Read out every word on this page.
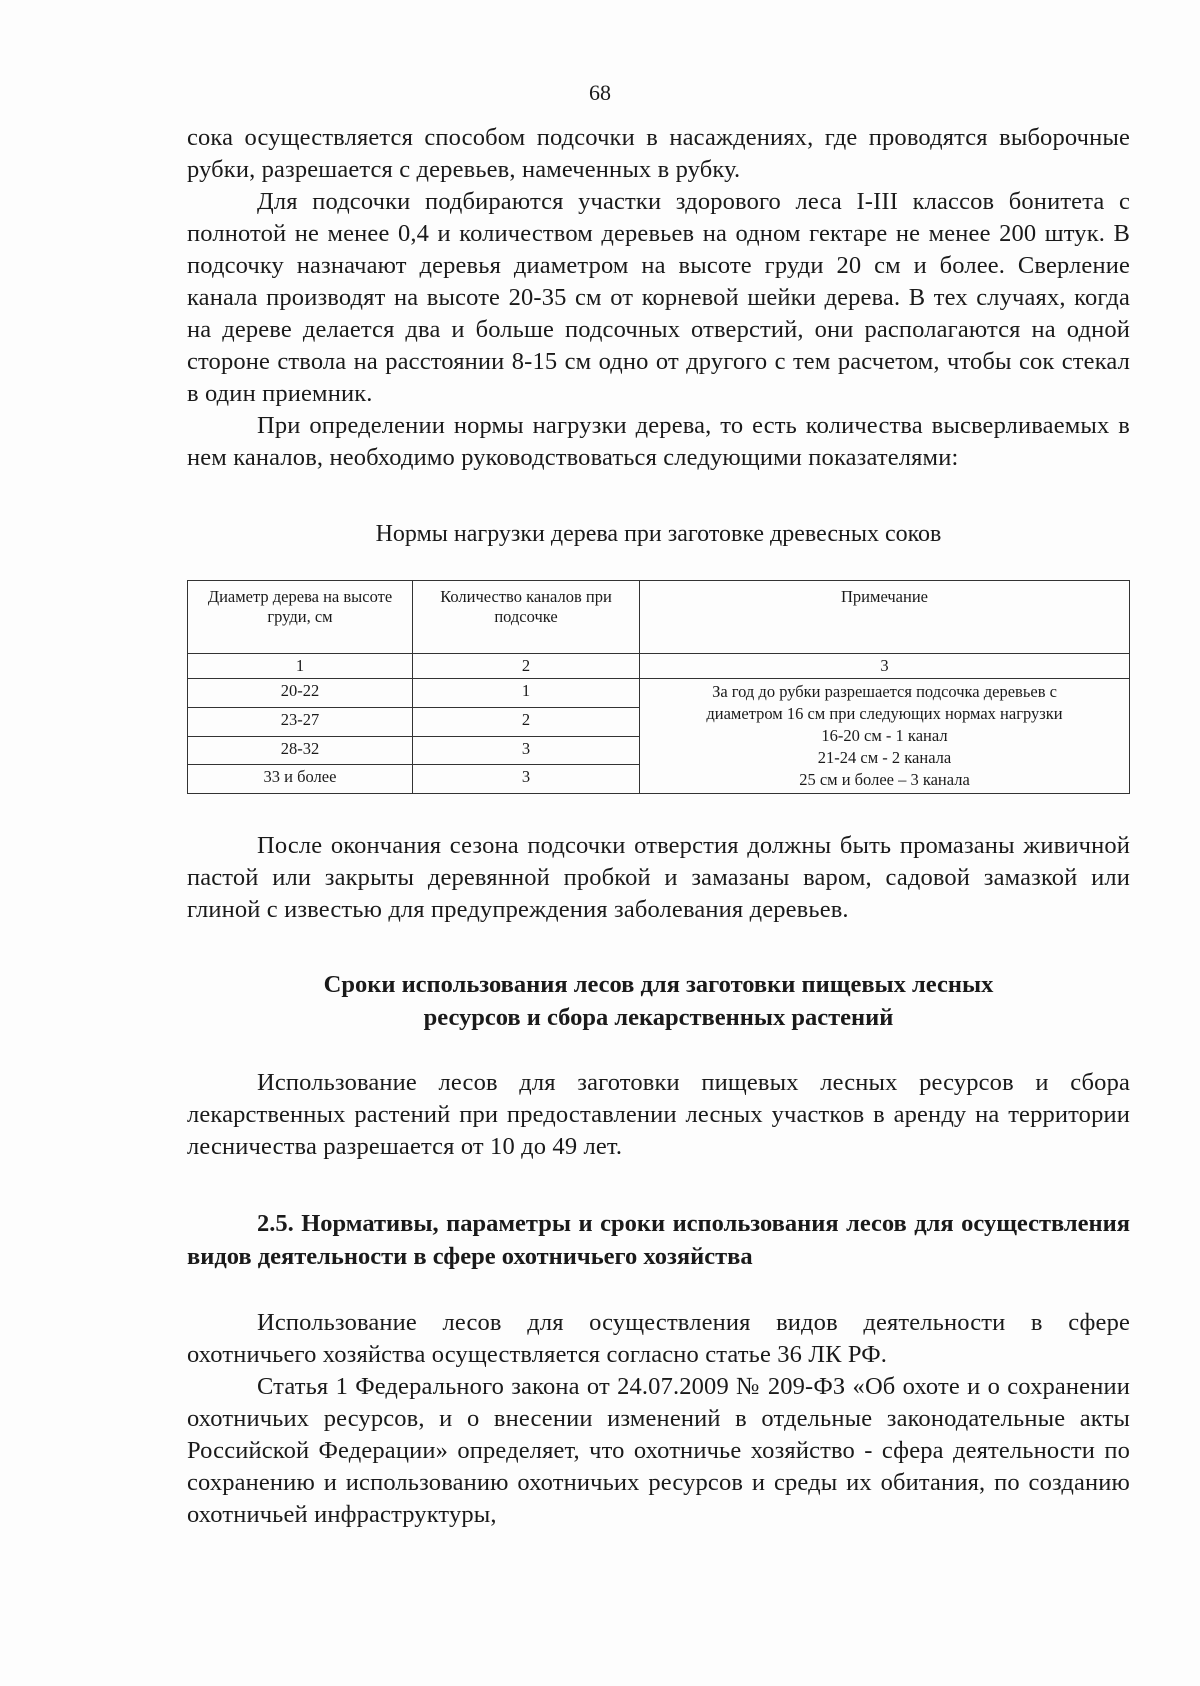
68

сока осуществляется способом подсочки в насаждениях, где проводятся выборочные рубки, разрешается с деревьев, намеченных в рубку.

Для подсочки подбираются участки здорового леса I-III классов бонитета с полнотой не менее 0,4 и количеством деревьев на одном гектаре не менее 200 штук. В подсочку назначают деревья диаметром на высоте груди 20 см и более. Сверление канала производят на высоте 20-35 см от корневой шейки дерева. В тех случаях, когда на дереве делается два и больше подсочных отверстий, они располагаются на одной стороне ствола на расстоянии 8-15 см одно от другого с тем расчетом, чтобы сок стекал в один приемник.

При определении нормы нагрузки дерева, то есть количества высверливаемых в нем каналов, необходимо руководствоваться следующими показателями:

Нормы нагрузки дерева при заготовке древесных соков
Диаметр дерева на высоте груди, см	Количество каналов при подсочке	Примечание
1	2	3
20-22	1	За год до рубки разрешается подсочка деревьев с
диаметром 16 см при следующих нормах нагрузки
16-20 см - 1 канал
21-24 см - 2 канала
25 см и более – 3 канала

23-27	2	
28-32	3	
33 и более	3	

После окончания сезона подсочки отверстия должны быть промазаны живичной пастой или закрыты деревянной пробкой и замазаны варом, садовой замазкой или глиной с известью для предупреждения заболевания деревьев.

Сроки использования лесов для заготовки пищевых лесных
ресурсов и сбора лекарственных растений

Использование лесов для заготовки пищевых лесных ресурсов и сбора лекарственных растений при предоставлении лесных участков в аренду на территории лесничества разрешается от 10 до 49 лет.

2.5. Нормативы, параметры и сроки использования лесов для осуществления видов деятельности в сфере охотничьего хозяйства

Использование лесов для осуществления видов деятельности в сфере охотничьего хозяйства осуществляется согласно статье 36 ЛК РФ.

Статья 1 Федерального закона от 24.07.2009 № 209-ФЗ «Об охоте и о сохранении охотничьих ресурсов, и о внесении изменений в отдельные законодательные акты Российской Федерации» определяет, что охотничье хозяйство - сфера деятельности по сохранению и использованию охотничьих ресурсов и среды их обитания, по созданию охотничьей инфраструктуры,
